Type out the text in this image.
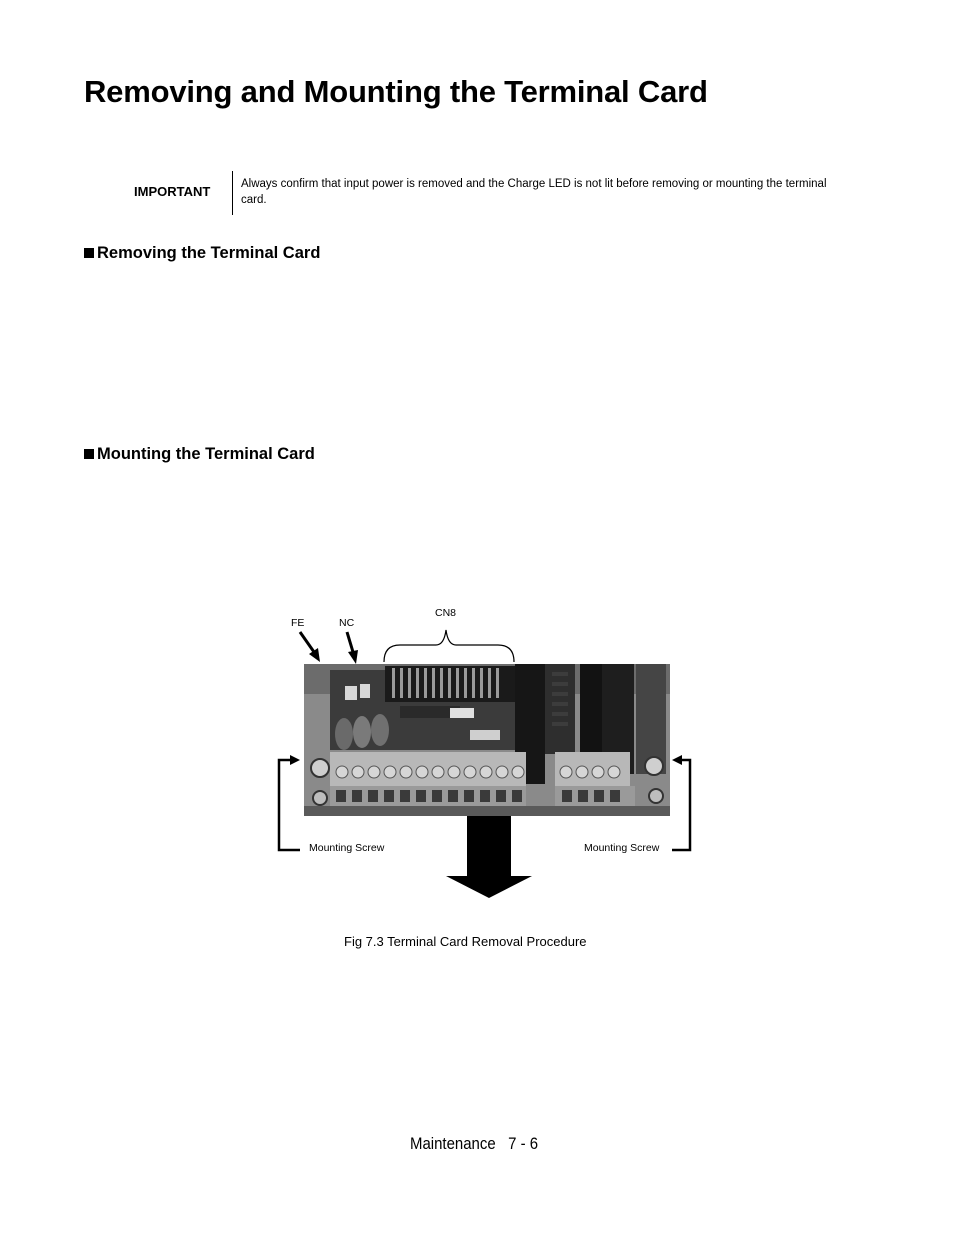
Removing and Mounting the Terminal Card
IMPORTANT	Always confirm that input power is removed and the Charge LED is not lit before removing or mounting the terminal card.
Removing the Terminal Card
Mounting the Terminal Card
FE	NC
CN8
Mounting Screw	Mounting Screw
Fig 7.3 Terminal Card Removal Procedure
Maintenance   7 - 6
